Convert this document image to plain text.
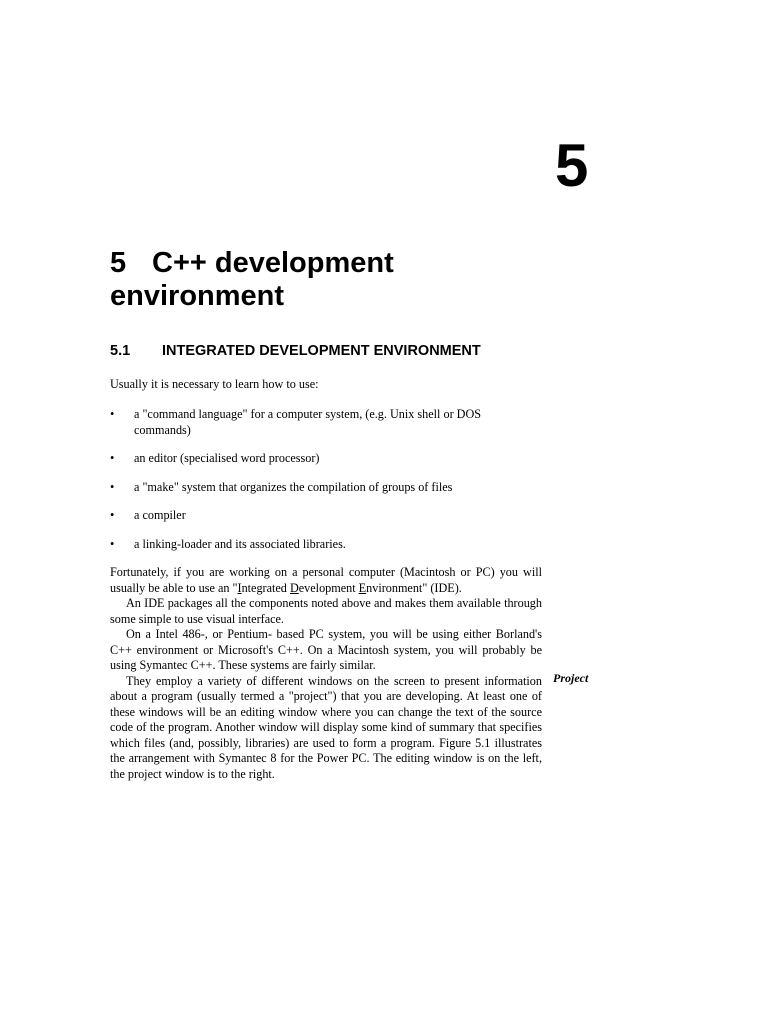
5
5 C++ development
environment
5.1 INTEGRATED DEVELOPMENT ENVIRONMENT

Usually it is necessary to learn how to use:

• a "command language" for a computer system, (e.g. Unix shell or DOS commands)
• an editor (specialised word processor)
• a "make" system that organizes the compilation of groups of files
• a compiler
• a linking-loader and its associated libraries.

Fortunately, if you are working on a personal computer (Macintosh or PC) you will usually be able to use an "Integrated Development Environment" (IDE).

An IDE packages all the components noted above and makes them available through some simple to use visual interface.

On a Intel 486-, or Pentium- based PC system, you will be using either Borland's C++ environment or Microsoft's C++. On a Macintosh system, you will probably be using Symantec C++. These systems are fairly similar.

They employ a variety of different windows on the screen to present information about a program (usually termed a "project") that you are developing. At least one of these windows will be an editing window where you can change the text of the source code of the program. Another window will display some kind of summary that specifies which files (and, possibly, libraries) are used to form a program. Figure 5.1 illustrates the arrangement with Symantec 8 for the Power PC. The editing window is on the left, the project window is to the right.

Project
